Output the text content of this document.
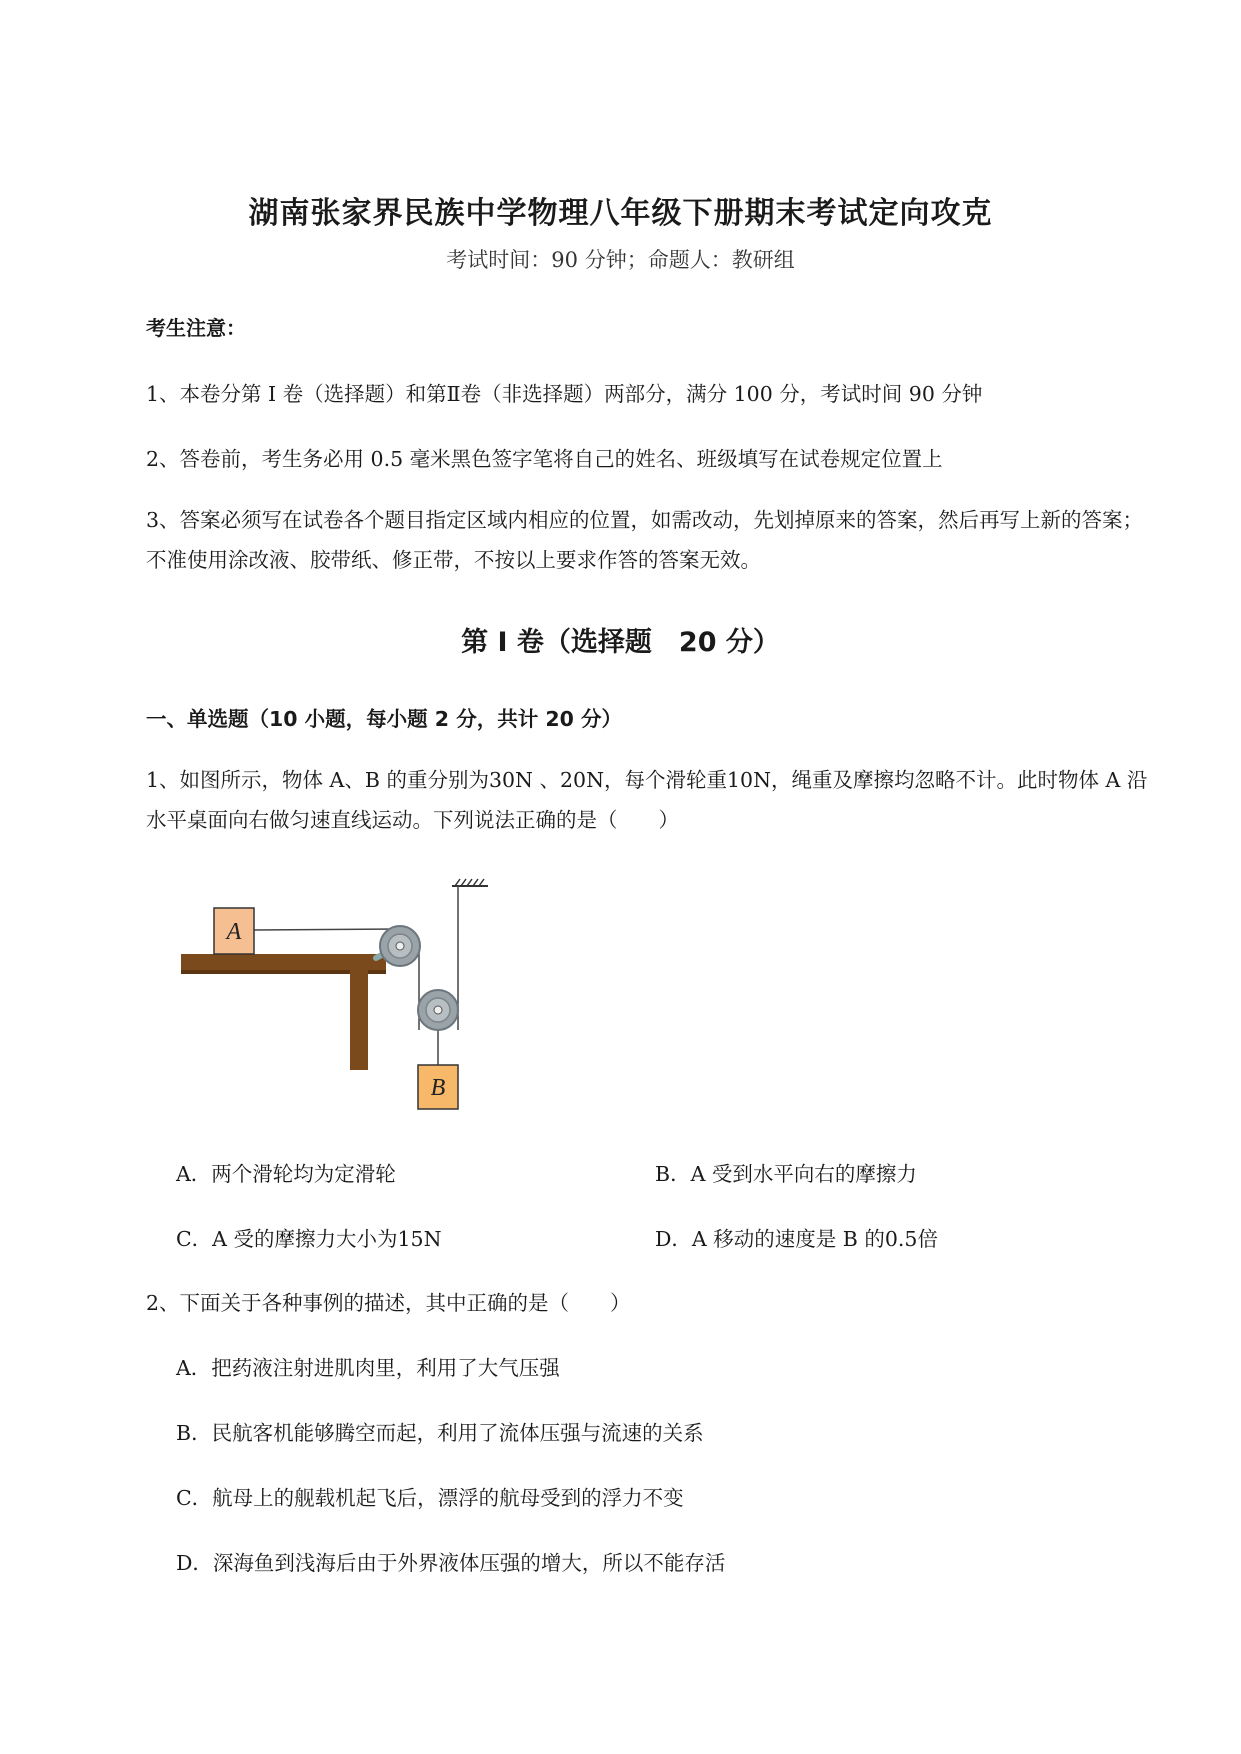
湖南张家界民族中学物理八年级下册期末考试定向攻克
考试时间：90 分钟；命题人：教研组
考生注意：
1、本卷分第 I 卷（选择题）和第Ⅱ卷（非选择题）两部分，满分 100 分，考试时间 90 分钟
2、答卷前，考生务必用 0.5 毫米黑色签字笔将自己的姓名、班级填写在试卷规定位置上
3、答案必须写在试卷各个题目指定区域内相应的位置，如需改动，先划掉原来的答案，然后再写上新的答案；不准使用涂改液、胶带纸、修正带，不按以上要求作答的答案无效。
第 I 卷（选择题　20 分）
一、单选题（10 小题，每小题 2 分，共计 20 分）
1、如图所示，物体 A、B 的重分别为30N 、20N，每个滑轮重10N，绳重及摩擦均忽略不计。此时物体 A 沿水平桌面向右做匀速直线运动。下列说法正确的是（　　）
A
B
A．两个滑轮均为定滑轮	B．A 受到水平向右的摩擦力
C．A 受的摩擦力大小为15N	D．A 移动的速度是 B 的0.5倍
2、下面关于各种事例的描述，其中正确的是（　　）
A．把药液注射进肌肉里，利用了大气压强
B．民航客机能够腾空而起，利用了流体压强与流速的关系
C．航母上的舰载机起飞后，漂浮的航母受到的浮力不变
D．深海鱼到浅海后由于外界液体压强的增大，所以不能存活
